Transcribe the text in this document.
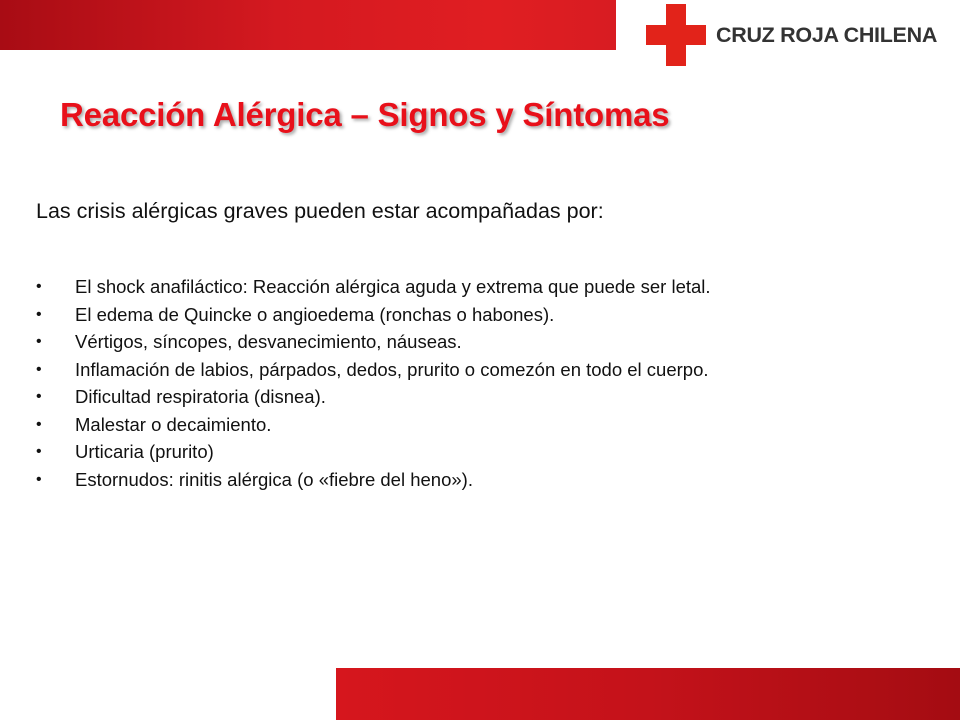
CRUZ ROJA CHILENA
Reacción Alérgica – Signos y Síntomas

Las crisis alérgicas graves pueden estar acompañadas por:

• El shock anafiláctico: Reacción alérgica aguda y extrema que puede ser letal.
• El edema de Quincke o angioedema (ronchas o habones).
• Vértigos, síncopes, desvanecimiento, náuseas.
• Inflamación de labios, párpados, dedos, prurito o comezón en todo el cuerpo.
• Dificultad respiratoria (disnea).
• Malestar o decaimiento.
• Urticaria (prurito)
• Estornudos: rinitis alérgica (o «fiebre del heno»).
